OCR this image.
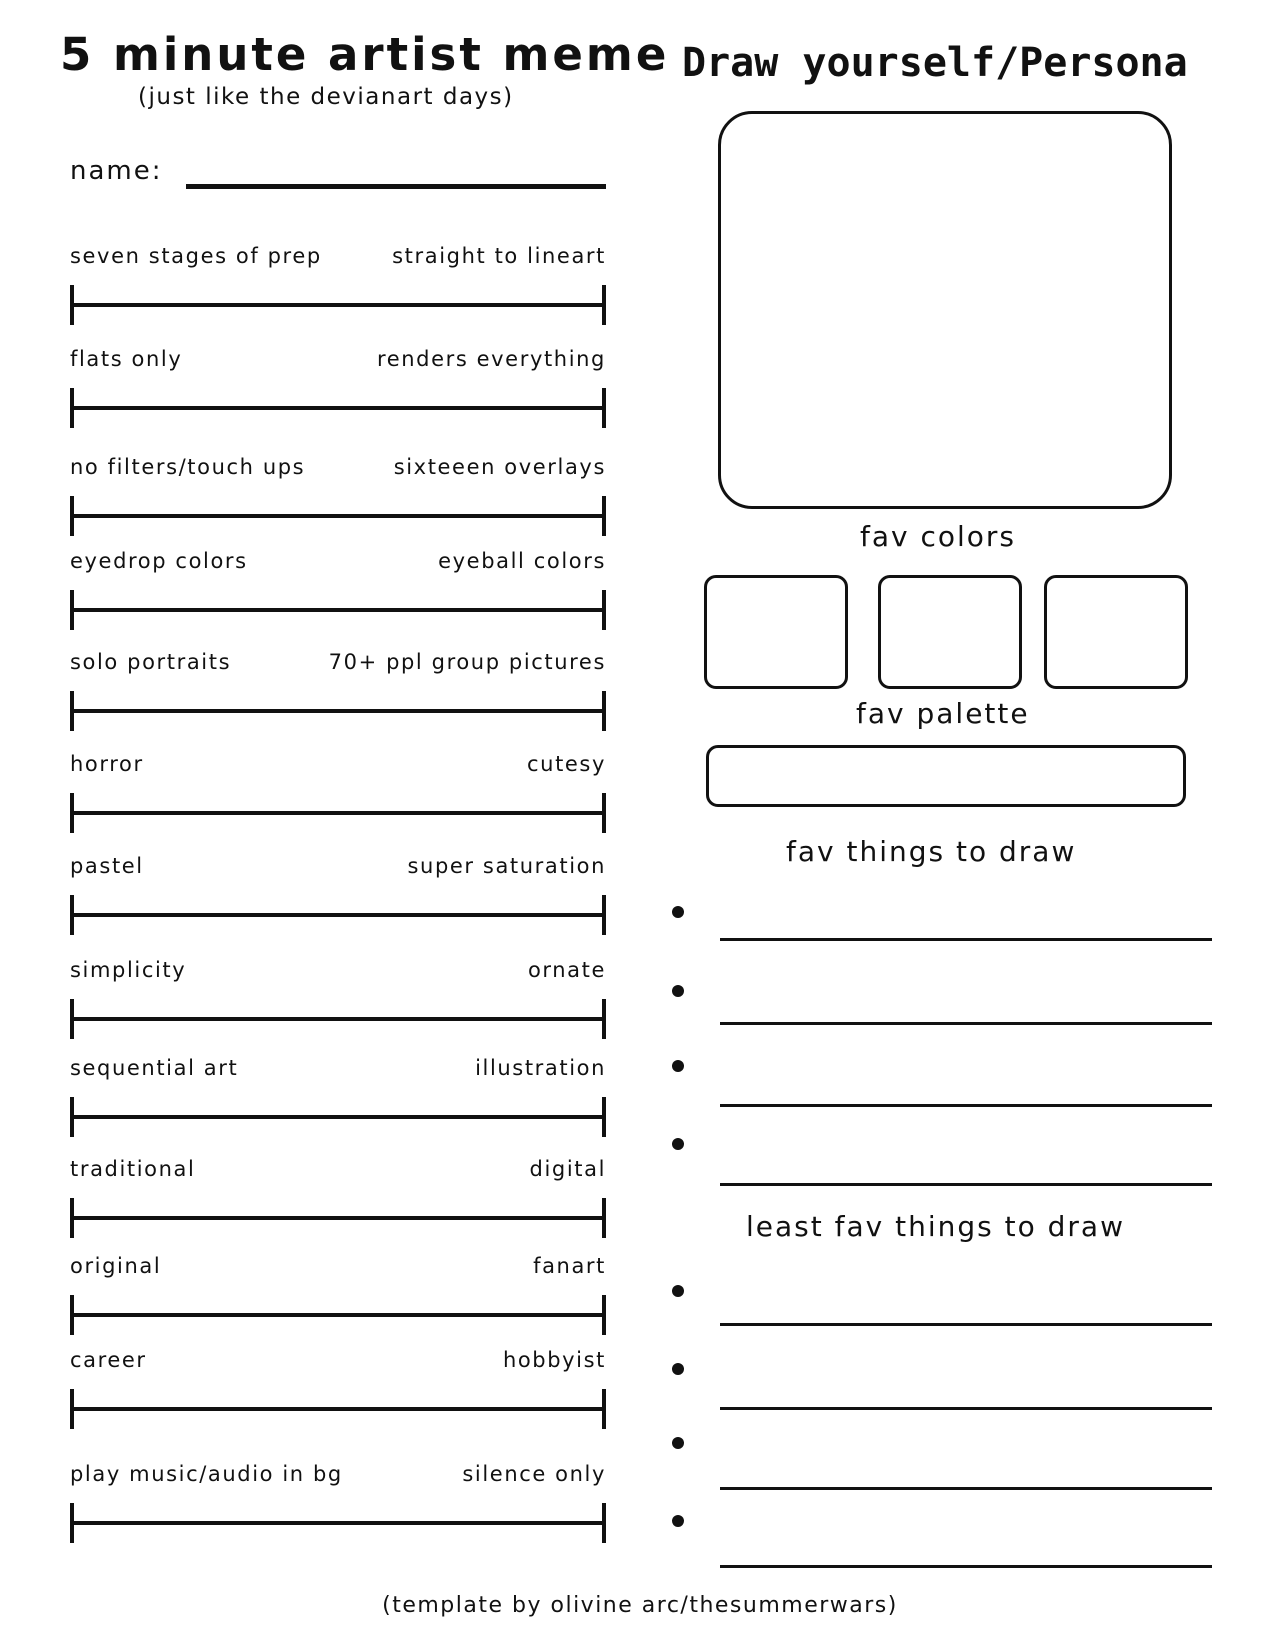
5 minute artist meme
(just like the devianart days)
Draw yourself/Persona
name:
seven stages of prep	straight to lineart
flats only	renders everything
no filters/touch ups	sixteeen overlays
eyedrop colors	eyeball colors
solo portraits	70+ ppl group pictures
horror	cutesy
pastel	super saturation
simplicity	ornate
sequential art	illustration
traditional	digital
original	fanart
career	hobbyist
play music/audio in bg	silence only
fav colors
fav palette
fav things to draw
least fav things to draw
(template by olivine arc/thesummerwars)
